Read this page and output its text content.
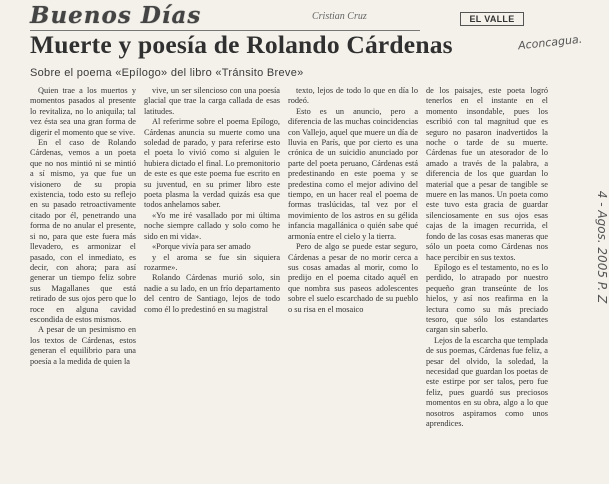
Buenos Días	Cristian Cruz	EL VALLE
Aconcagua.
4 - Agos. 2005 P. Z
Muerte y poesía de Rolando Cárdenas
Sobre el poema «Epílogo» del libro «Tránsito Breve»

Quien trae a los muertos y momentos pasados al presente lo revitaliza, no lo aniquila; tal vez ésta sea una gran forma de digerir el momento que se vive.

En el caso de Rolando Cárdenas, vemos a un poeta que no nos mintió ni se mintió a sí mismo, ya que fue un visionero de su propia existencia, todo esto su reflejo en su pasado retroactivamente citado por él, penetrando una forma de no anular el presente, si no, para que este fuera más llevadero, es armonizar el pasado, con el inmediato, es decir, con ahora; para así generar un tiempo feliz sobre sus Magallanes que está retirado de sus ojos pero que lo roce en alguna cavidad escondida de estos mismos.

A pesar de un pesimismo en los textos de Cárdenas, estos generan el equilibrio para una poesía a la medida de quien la

vive, un ser silencioso con una poesía glacial que trae la carga callada de esas latitudes.

Al referirme sobre el poema Epílogo, Cárdenas anuncia su muerte como una soledad de parado, y para referirse esto el poeta lo vivió como si alguien le hubiera dictado el final. Lo premonitorio de este es que este poema fue escrito en su juventud, en su primer libro este poeta plasma la verdad quizás esa que todos anhelamos saber.

«Yo me iré vasallado por mi última noche siempre callado y solo como he sido en mi vida».

«Porque vivía para ser amado

y el aroma se fue sin siquiera rozarme».

Rolando Cárdenas murió solo, sin nadie a su lado, en un frío departamento del centro de Santiago, lejos de todo como él lo predestinó en su magistral

texto, lejos de todo lo que en día lo rodeó.

Esto es un anuncio, pero a diferencia de las muchas coincidencias con Vallejo, aquel que muere un día de lluvia en París, que por cierto es una crónica de un suicidio anunciado por parte del poeta peruano, Cárdenas está predestinando en este poema y se predestina como el mejor adivino del tiempo, en un hacer real el poema de formas traslúcidas, tal vez por el movimiento de los astros en su gélida infancia magallánica o quién sabe qué armonía entre el cielo y la tierra.

Pero de algo se puede estar seguro, Cárdenas a pesar de no morir cerca a sus cosas amadas al morir, como lo predijo en el poema citado aquél en que nombra sus paseos adolescentes sobre el suelo escarchado de su pueblo o su risa en el mosaico

de los paisajes, este poeta logró tenerlos en el instante en el momento insondable, pues los escribió con tal magnitud que es seguro no pasaron inadvertidos la noche o tarde de su muerte. Cárdenas fue un atesorador de lo amado a través de la palabra, a diferencia de los que guardan lo material que a pesar de tangible se muere en las manos. Un poeta como este tuvo esta gracia de guardar silenciosamente en sus ojos esas cajas de la imagen recurrida, el fondo de las cosas esas maneras que sólo un poeta como Cárdenas nos hace percibir en sus textos.

Epílogo es el testamento, no es lo perdido, lo atrapado por nuestro pequeño gran transeúnte de los hielos, y así nos reafirma en la lectura como su más preciado tesoro, que sólo los estandartes cargan sin saberlo.

Lejos de la escarcha que templada de sus poemas, Cárdenas fue feliz, a pesar del olvido, la soledad, la necesidad que guardan los poetas de este estirpe por ser talos, pero fue feliz, pues guardó sus preciosos momentos en su obra, algo a lo que nosotros aspiramos como unos aprendices.
